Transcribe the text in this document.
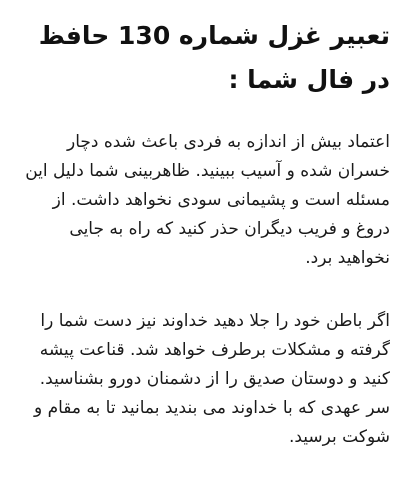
تعبیر غزل شماره 130 حافظ در فال شما :

اعتماد بیش از اندازه به فردی باعث شده دچار خسران شده و آسیب ببینید. ظاهربینی شما دلیل این مسئله است و پشیمانی سودی نخواهد داشت. از دروغ و فریب دیگران حذر کنید که راه به جایی نخواهید برد.

اگر باطن خود را جلا دهید خداوند نیز دست شما را گرفته و مشکلات برطرف خواهد شد. قناعت پیشه کنید و دوستان صدیق را از دشمنان دورو بشناسید. سر عهدی که با خداوند می بندید بمانید تا به مقام و شوکت برسید.
